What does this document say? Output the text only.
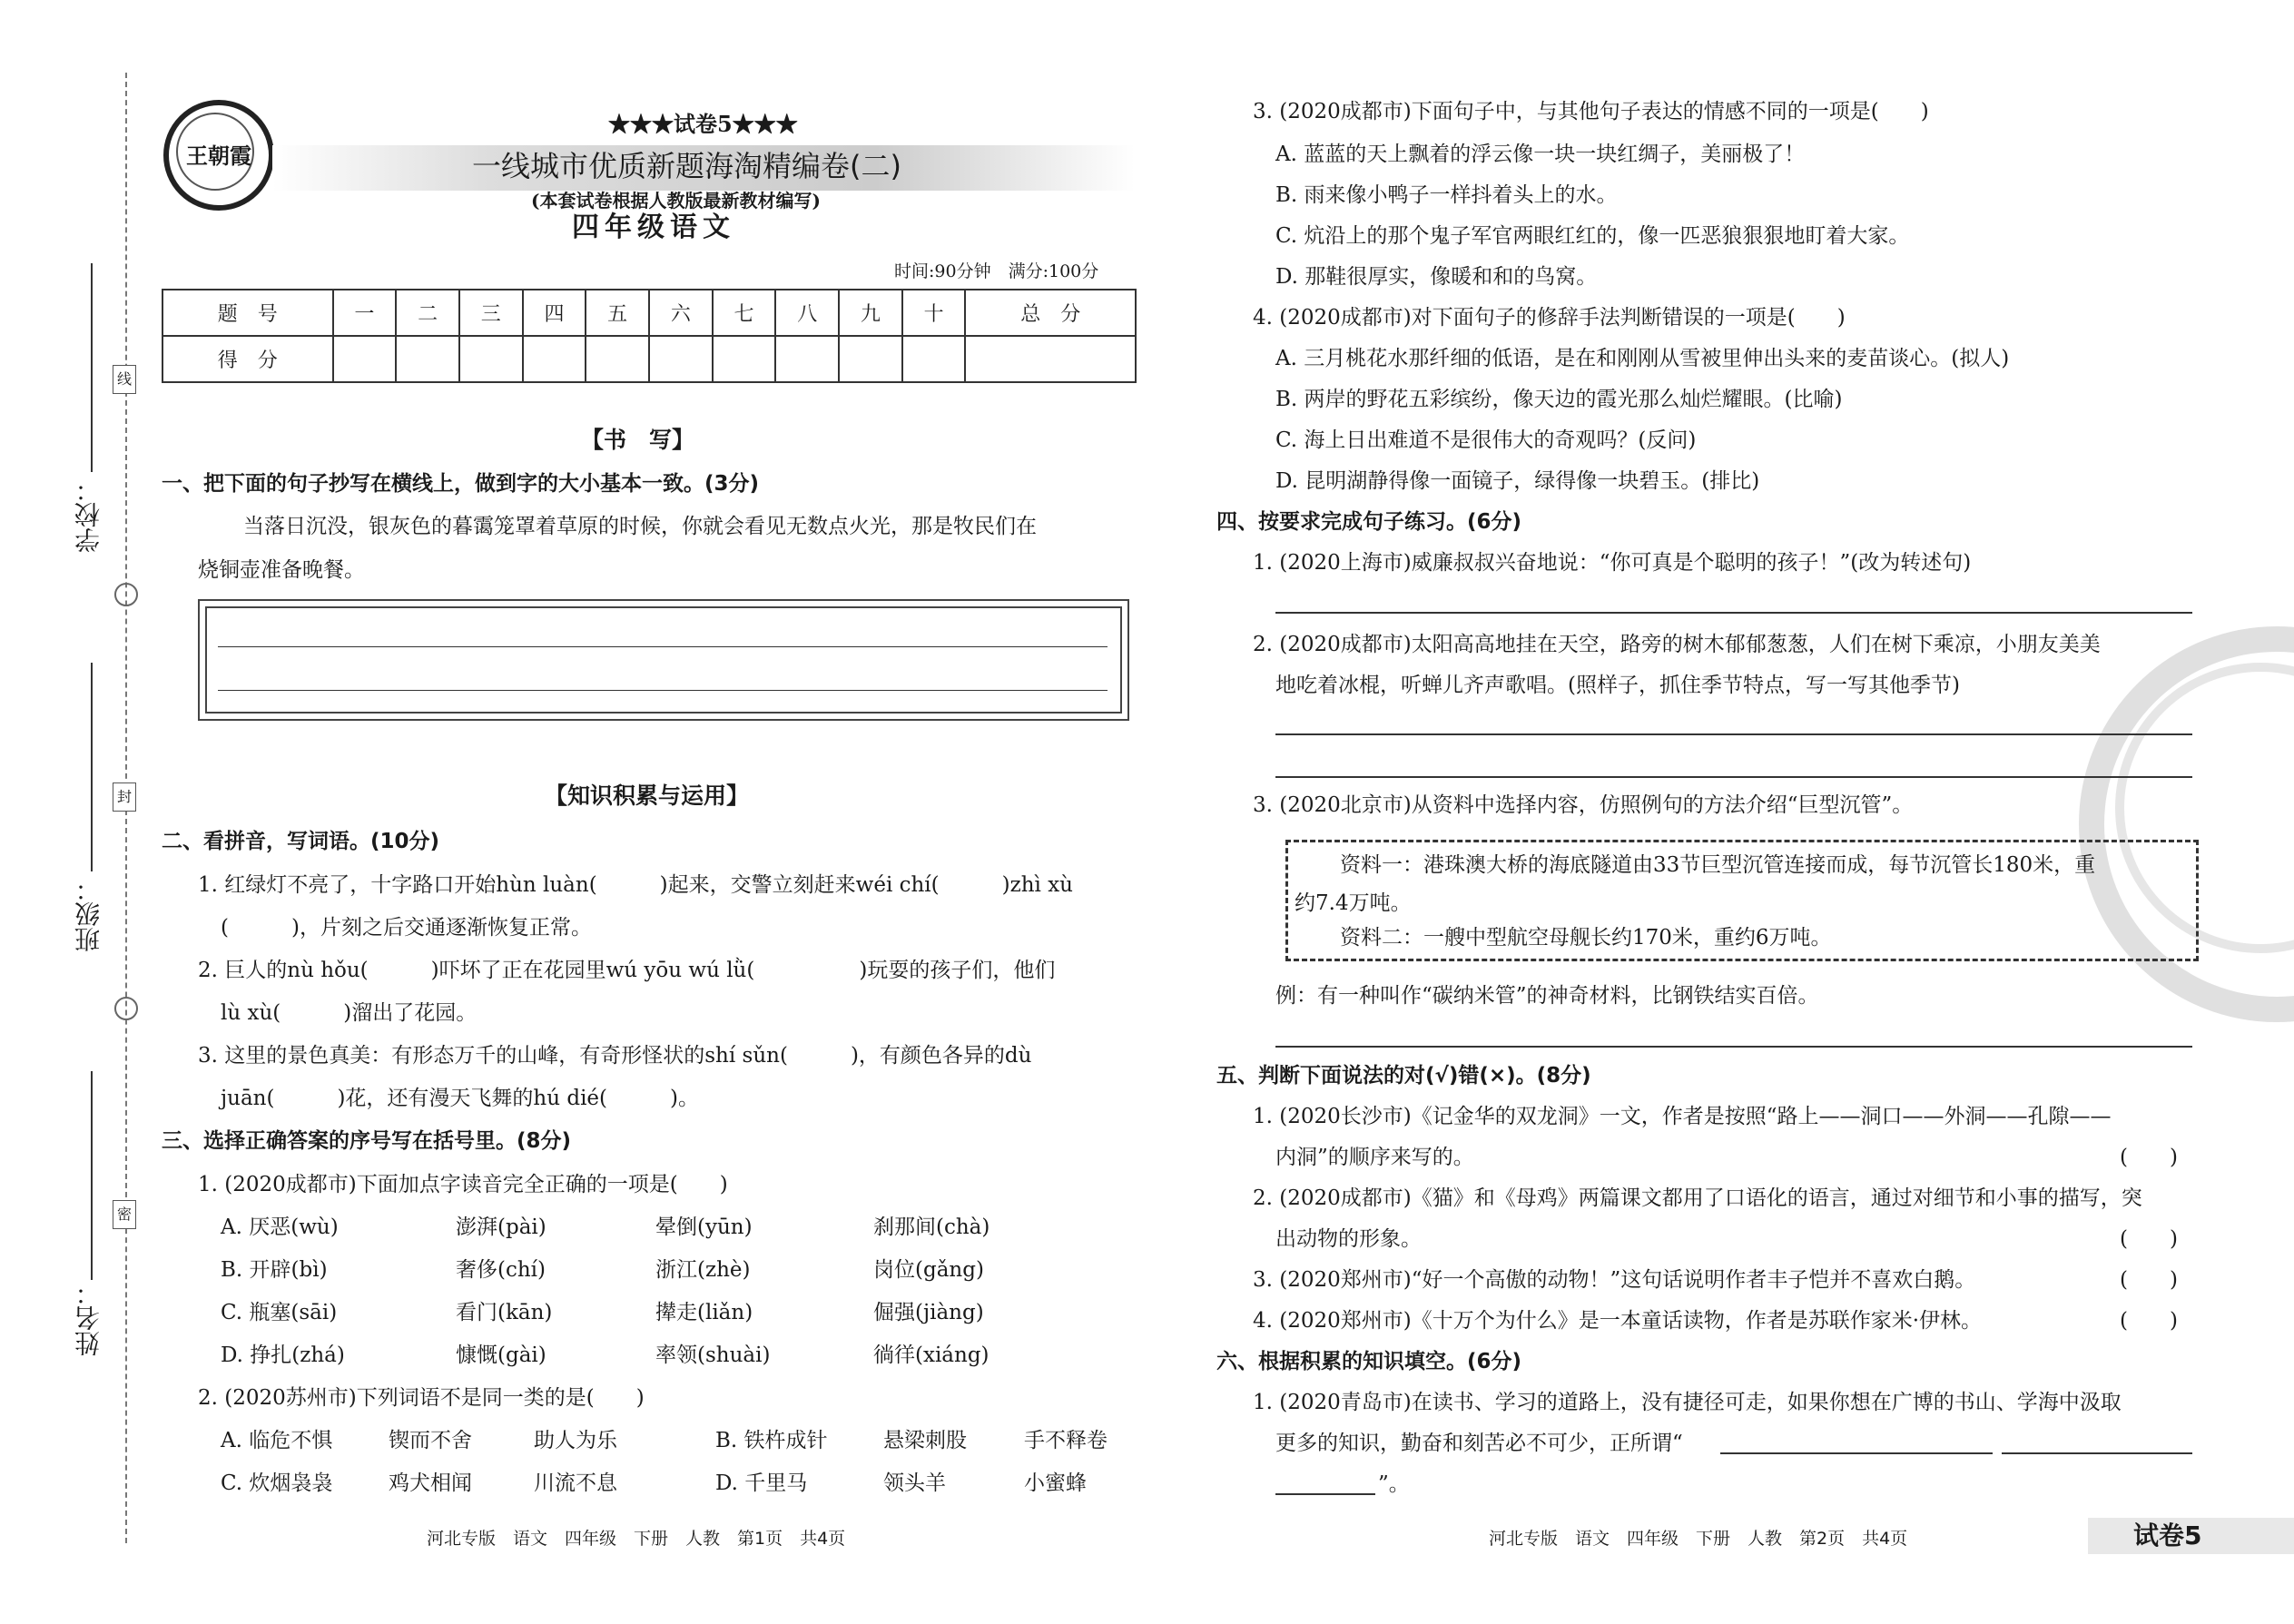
学校：
线
班级：
封
姓名：
密
王朝霞
★★★试卷5★★★
一线城市优质新题海淘精编卷(二)
(本套试卷根据人教版最新教材编写)
四年级语文
时间:90分钟　满分:100分
题　号	一	二	三	四	五	六	七	八	九	十	总　分
得　分											
【书　写】
一、把下面的句子抄写在横线上，做到字的大小基本一致。(3分)
当落日沉没，银灰色的暮霭笼罩着草原的时候，你就会看见无数点火光，那是牧民们在
烧铜壶准备晚餐。
【知识积累与运用】
二、看拼音，写词语。(10分)
1. 红绿灯不亮了，十字路口开始hùn luàn(　　　)起来，交警立刻赶来wéi chí(　　　)zhì xù
(　　　)，片刻之后交通逐渐恢复正常。
2. 巨人的nù hǒu(　　　)吓坏了正在花园里wú yōu wú lǜ(　　　　　)玩耍的孩子们，他们
lù xù(　　　)溜出了花园。
3. 这里的景色真美：有形态万千的山峰，有奇形怪状的shí sǔn(　　　)，有颜色各异的dù
juān(　　　)花，还有漫天飞舞的hú dié(　　　)。
三、选择正确答案的序号写在括号里。(8分)
1. (2020成都市)下面加点字读音完全正确的一项是(　　)
A. 厌恶(wù)	澎湃(pài)	晕倒(yūn)	刹那间(chà)
B. 开辟(bì)	奢侈(chí)	浙江(zhè)	岗位(gǎng)
C. 瓶塞(sāi)	看门(kān)	撵走(liǎn)	倔强(jiàng)
D. 挣扎(zhá)	慷慨(gài)	率领(shuài)	徜徉(xiáng)
2. (2020苏州市)下列词语不是同一类的是(　　)
A. 临危不惧	锲而不舍	助人为乐	B. 铁杵成针	悬梁刺股	手不释卷
C. 炊烟袅袅	鸡犬相闻	川流不息	D. 千里马	领头羊	小蜜蜂
河北专版　语文　四年级　下册　人教　第1页　共4页
3. (2020成都市)下面句子中，与其他句子表达的情感不同的一项是(　　)
A. 蓝蓝的天上飘着的浮云像一块一块红绸子，美丽极了！
B. 雨来像小鸭子一样抖着头上的水。
C. 炕沿上的那个鬼子军官两眼红红的，像一匹恶狼狠狠地盯着大家。
D. 那鞋很厚实，像暖和和的鸟窝。
4. (2020成都市)对下面句子的修辞手法判断错误的一项是(　　)
A. 三月桃花水那纤细的低语，是在和刚刚从雪被里伸出头来的麦苗谈心。(拟人)
B. 两岸的野花五彩缤纷，像天边的霞光那么灿烂耀眼。(比喻)
C. 海上日出难道不是很伟大的奇观吗？(反问)
D. 昆明湖静得像一面镜子，绿得像一块碧玉。(排比)
四、按要求完成句子练习。(6分)
1. (2020上海市)威廉叔叔兴奋地说：“你可真是个聪明的孩子！”(改为转述句)
2. (2020成都市)太阳高高地挂在天空，路旁的树木郁郁葱葱，人们在树下乘凉，小朋友美美
地吃着冰棍，听蝉儿齐声歌唱。(照样子，抓住季节特点，写一写其他季节)
3. (2020北京市)从资料中选择内容，仿照例句的方法介绍“巨型沉管”。
资料一：港珠澳大桥的海底隧道由33节巨型沉管连接而成，每节沉管长180米，重
约7.4万吨。
资料二：一艘中型航空母舰长约170米，重约6万吨。
例：有一种叫作“碳纳米管”的神奇材料，比钢铁结实百倍。
五、判断下面说法的对(√)错(×)。(8分)
1. (2020长沙市)《记金华的双龙洞》一文，作者是按照“路上——洞口——外洞——孔隙——
内洞”的顺序来写的。	(　　)
2. (2020成都市)《猫》和《母鸡》两篇课文都用了口语化的语言，通过对细节和小事的描写，突
出动物的形象。	(　　)
3. (2020郑州市)“好一个高傲的动物！”这句话说明作者丰子恺并不喜欢白鹅。	(　　)
4. (2020郑州市)《十万个为什么》是一本童话读物，作者是苏联作家米·伊林。	(　　)
六、根据积累的知识填空。(6分)
1. (2020青岛市)在读书、学习的道路上，没有捷径可走，如果你想在广博的书山、学海中汲取
更多的知识，勤奋和刻苦必不可少，正所谓“
”。
河北专版　语文　四年级　下册　人教　第2页　共4页	试卷5
